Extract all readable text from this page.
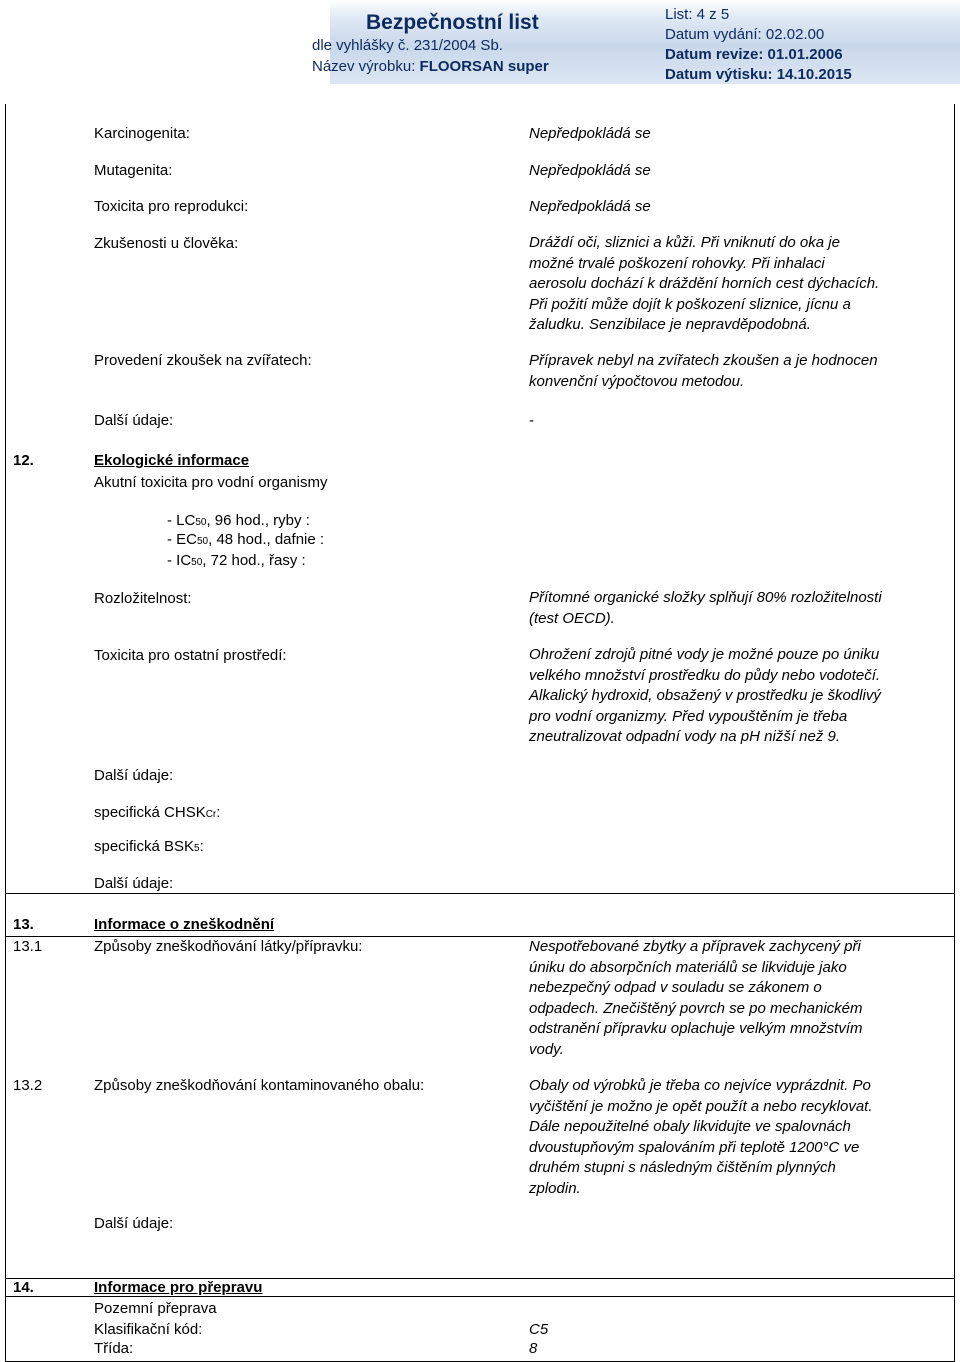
Bezpečnostní list
dle vyhlášky č. 231/2004 Sb.
Název výrobku: FLOORSAN super
List: 4 z 5
Datum vydání: 02.02.00
Datum revize: 01.01.2006
Datum výtisku: 14.10.2015
Karcinogenita:	Nepředpokládá se
Mutagenita:	Nepředpokládá se
Toxicita pro reprodukci:	Nepředpokládá se
Zkušenosti u člověka:	Dráždí oči, sliznici a kůži. Při vniknutí do oka je

možné trvalé poškození rohovky. Při inhalaci

aerosolu dochází k dráždění horních cest dýchacích.

Při požití může dojít k poškození sliznice, jícnu a

žaludku. Senzibilace je nepravděpodobná.

Provedení zkoušek na zvířatech:	Přípravek nebyl na zvířatech zkoušen a je hodnocen

konvenční výpočtovou metodou.

Další údaje:	-
12.	Ekologické informace
Akutní toxicita pro vodní organismy
- LC50, 96 hod., ryby :
- EC50, 48 hod., dafnie :
- IC50, 72 hod., řasy :
Rozložitelnost:	Přítomné organické složky splňují 80% rozložitelnosti

(test OECD).

Toxicita pro ostatní prostředí:	Ohrožení zdrojů pitné vody je možné pouze po úniku

velkého množství prostředku do půdy nebo vodotečí.

Alkalický hydroxid, obsažený v prostředku je škodlivý

pro vodní organizmy. Před vypouštěním je třeba

zneutralizovat odpadní vody na pH nižší než 9.

Další údaje:
specifická CHSKCr:
specifická BSK5:
Další údaje:
13.	Informace o zneškodnění
13.1	Způsoby zneškodňování látky/přípravku:	Nespotřebované zbytky a přípravek zachycený při

úniku do absorpčních materiálů se likviduje jako

nebezpečný odpad v souladu se zákonem o

odpadech. Znečištěný povrch se po mechanickém

odstranění přípravku oplachuje velkým množstvím

vody.

13.2	Způsoby zneškodňování kontaminovaného obalu:	Obaly od výrobků je třeba co nejvíce vyprázdnit. Po

vyčištění je možno je opět použít a nebo recyklovat.

Dále nepoužitelné obaly likvidujte ve spalovnách

dvoustupňovým spalováním při teplotě 1200°C ve

druhém stupni s následným čištěním plynných

zplodin.

Další údaje:
14.	Informace pro přepravu
Pozemní přeprava
Klasifikační kód:	C5
Třída:	8
